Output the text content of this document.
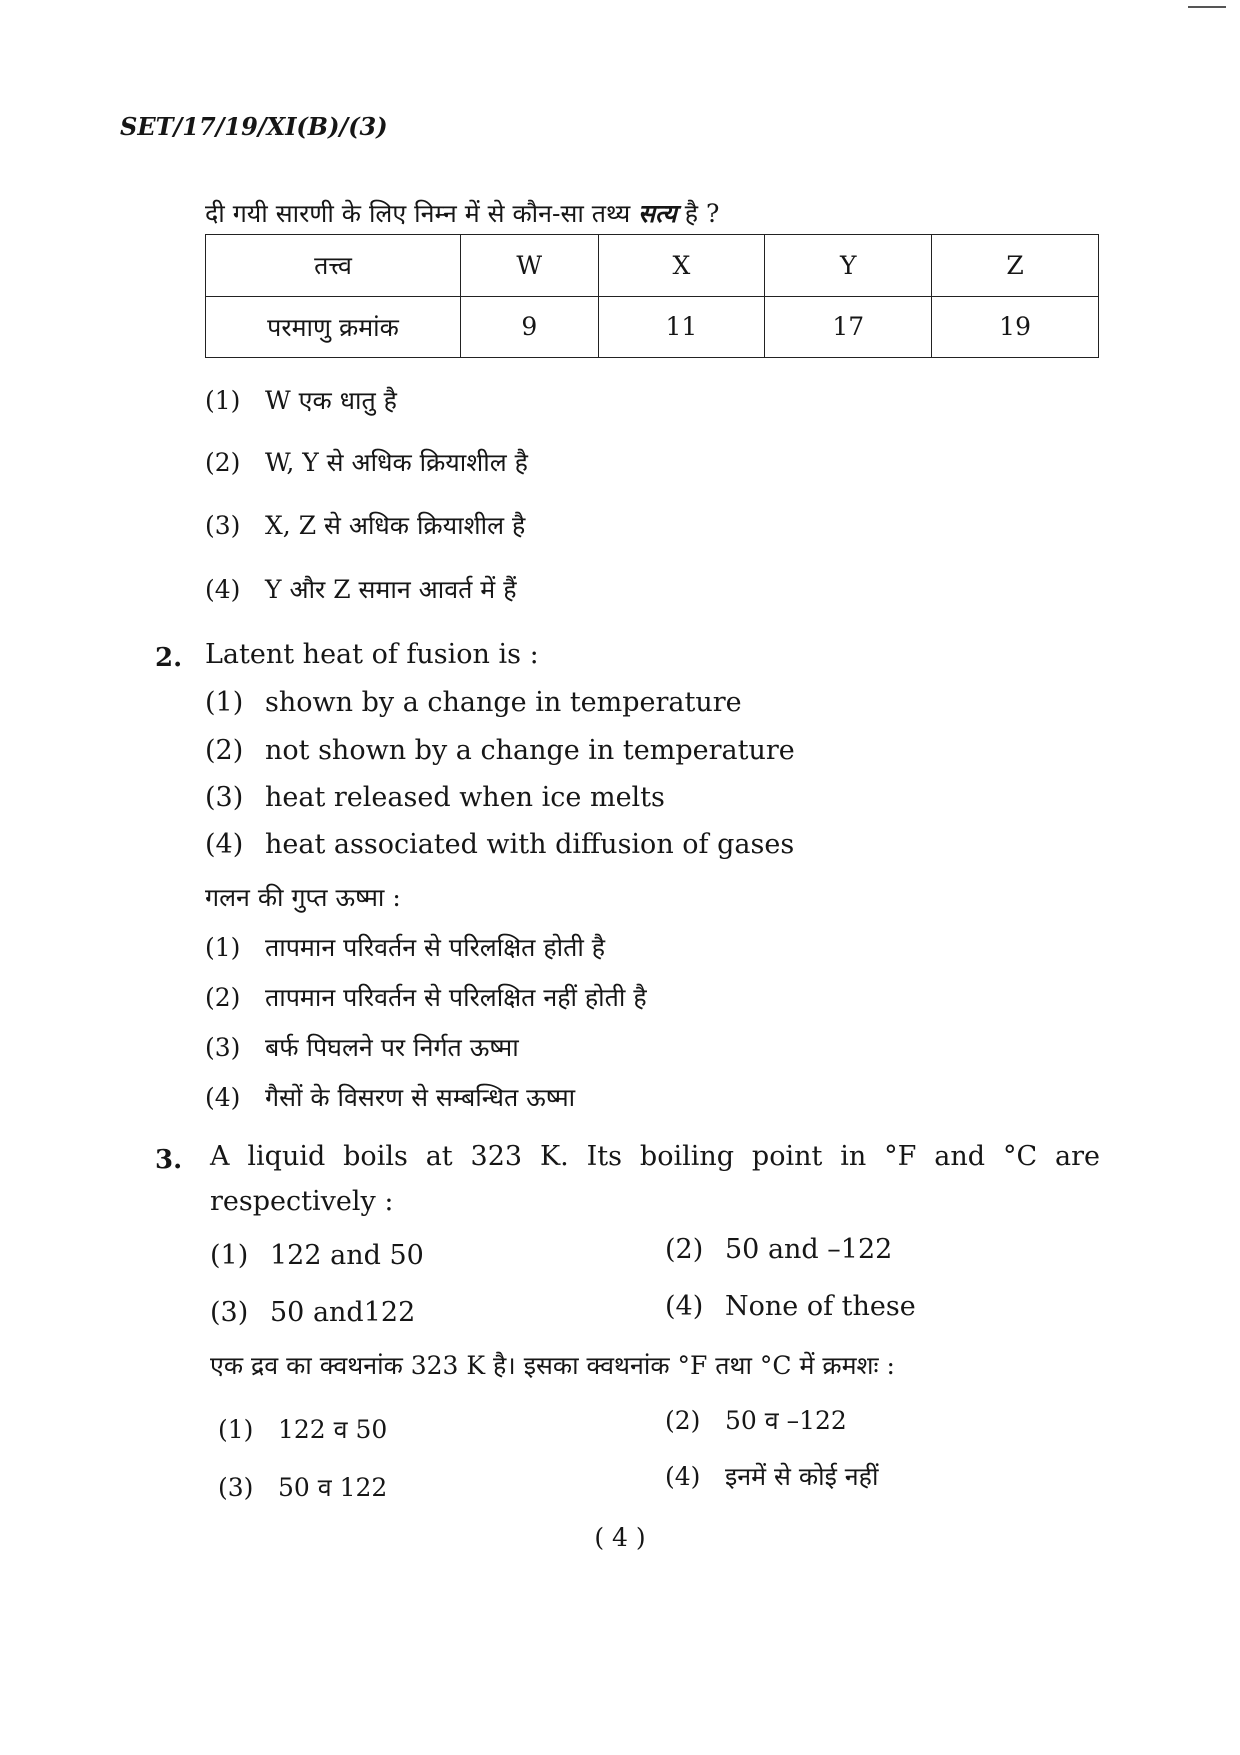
SET/17/19/XI(B)/(3)
दी गयी सारणी के लिए निम्न में से कौन-सा तथ्य सत्य है ?
तत्त्व	W	X	Y	Z
परमाणु क्रमांक	9	11	17	19
(1) W एक धातु है
(2) W, Y से अधिक क्रियाशील है
(3) X, Z से अधिक क्रियाशील है
(4) Y और Z समान आवर्त में हैं
2. Latent heat of fusion is :
(1) shown by a change in temperature
(2) not shown by a change in temperature
(3) heat released when ice melts
(4) heat associated with diffusion of gases
गलन की गुप्त ऊष्मा :
(1) तापमान परिवर्तन से परिलक्षित होती है
(2) तापमान परिवर्तन से परिलक्षित नहीं होती है
(3) बर्फ पिघलने पर निर्गत ऊष्मा
(4) गैसों के विसरण से सम्बन्धित ऊष्मा
3. A liquid boils at 323 K. Its boiling point in °F and °C are
respectively :
(1) 122 and 50	(2) 50 and –122
(3) 50 and122	(4) None of these
एक द्रव का क्वथनांक 323 K है। इसका क्वथनांक °F तथा °C में क्रमशः :
(1) 122 व 50	(2) 50 व –122
(3) 50 व 122	(4) इनमें से कोई नहीं
( 4 )
